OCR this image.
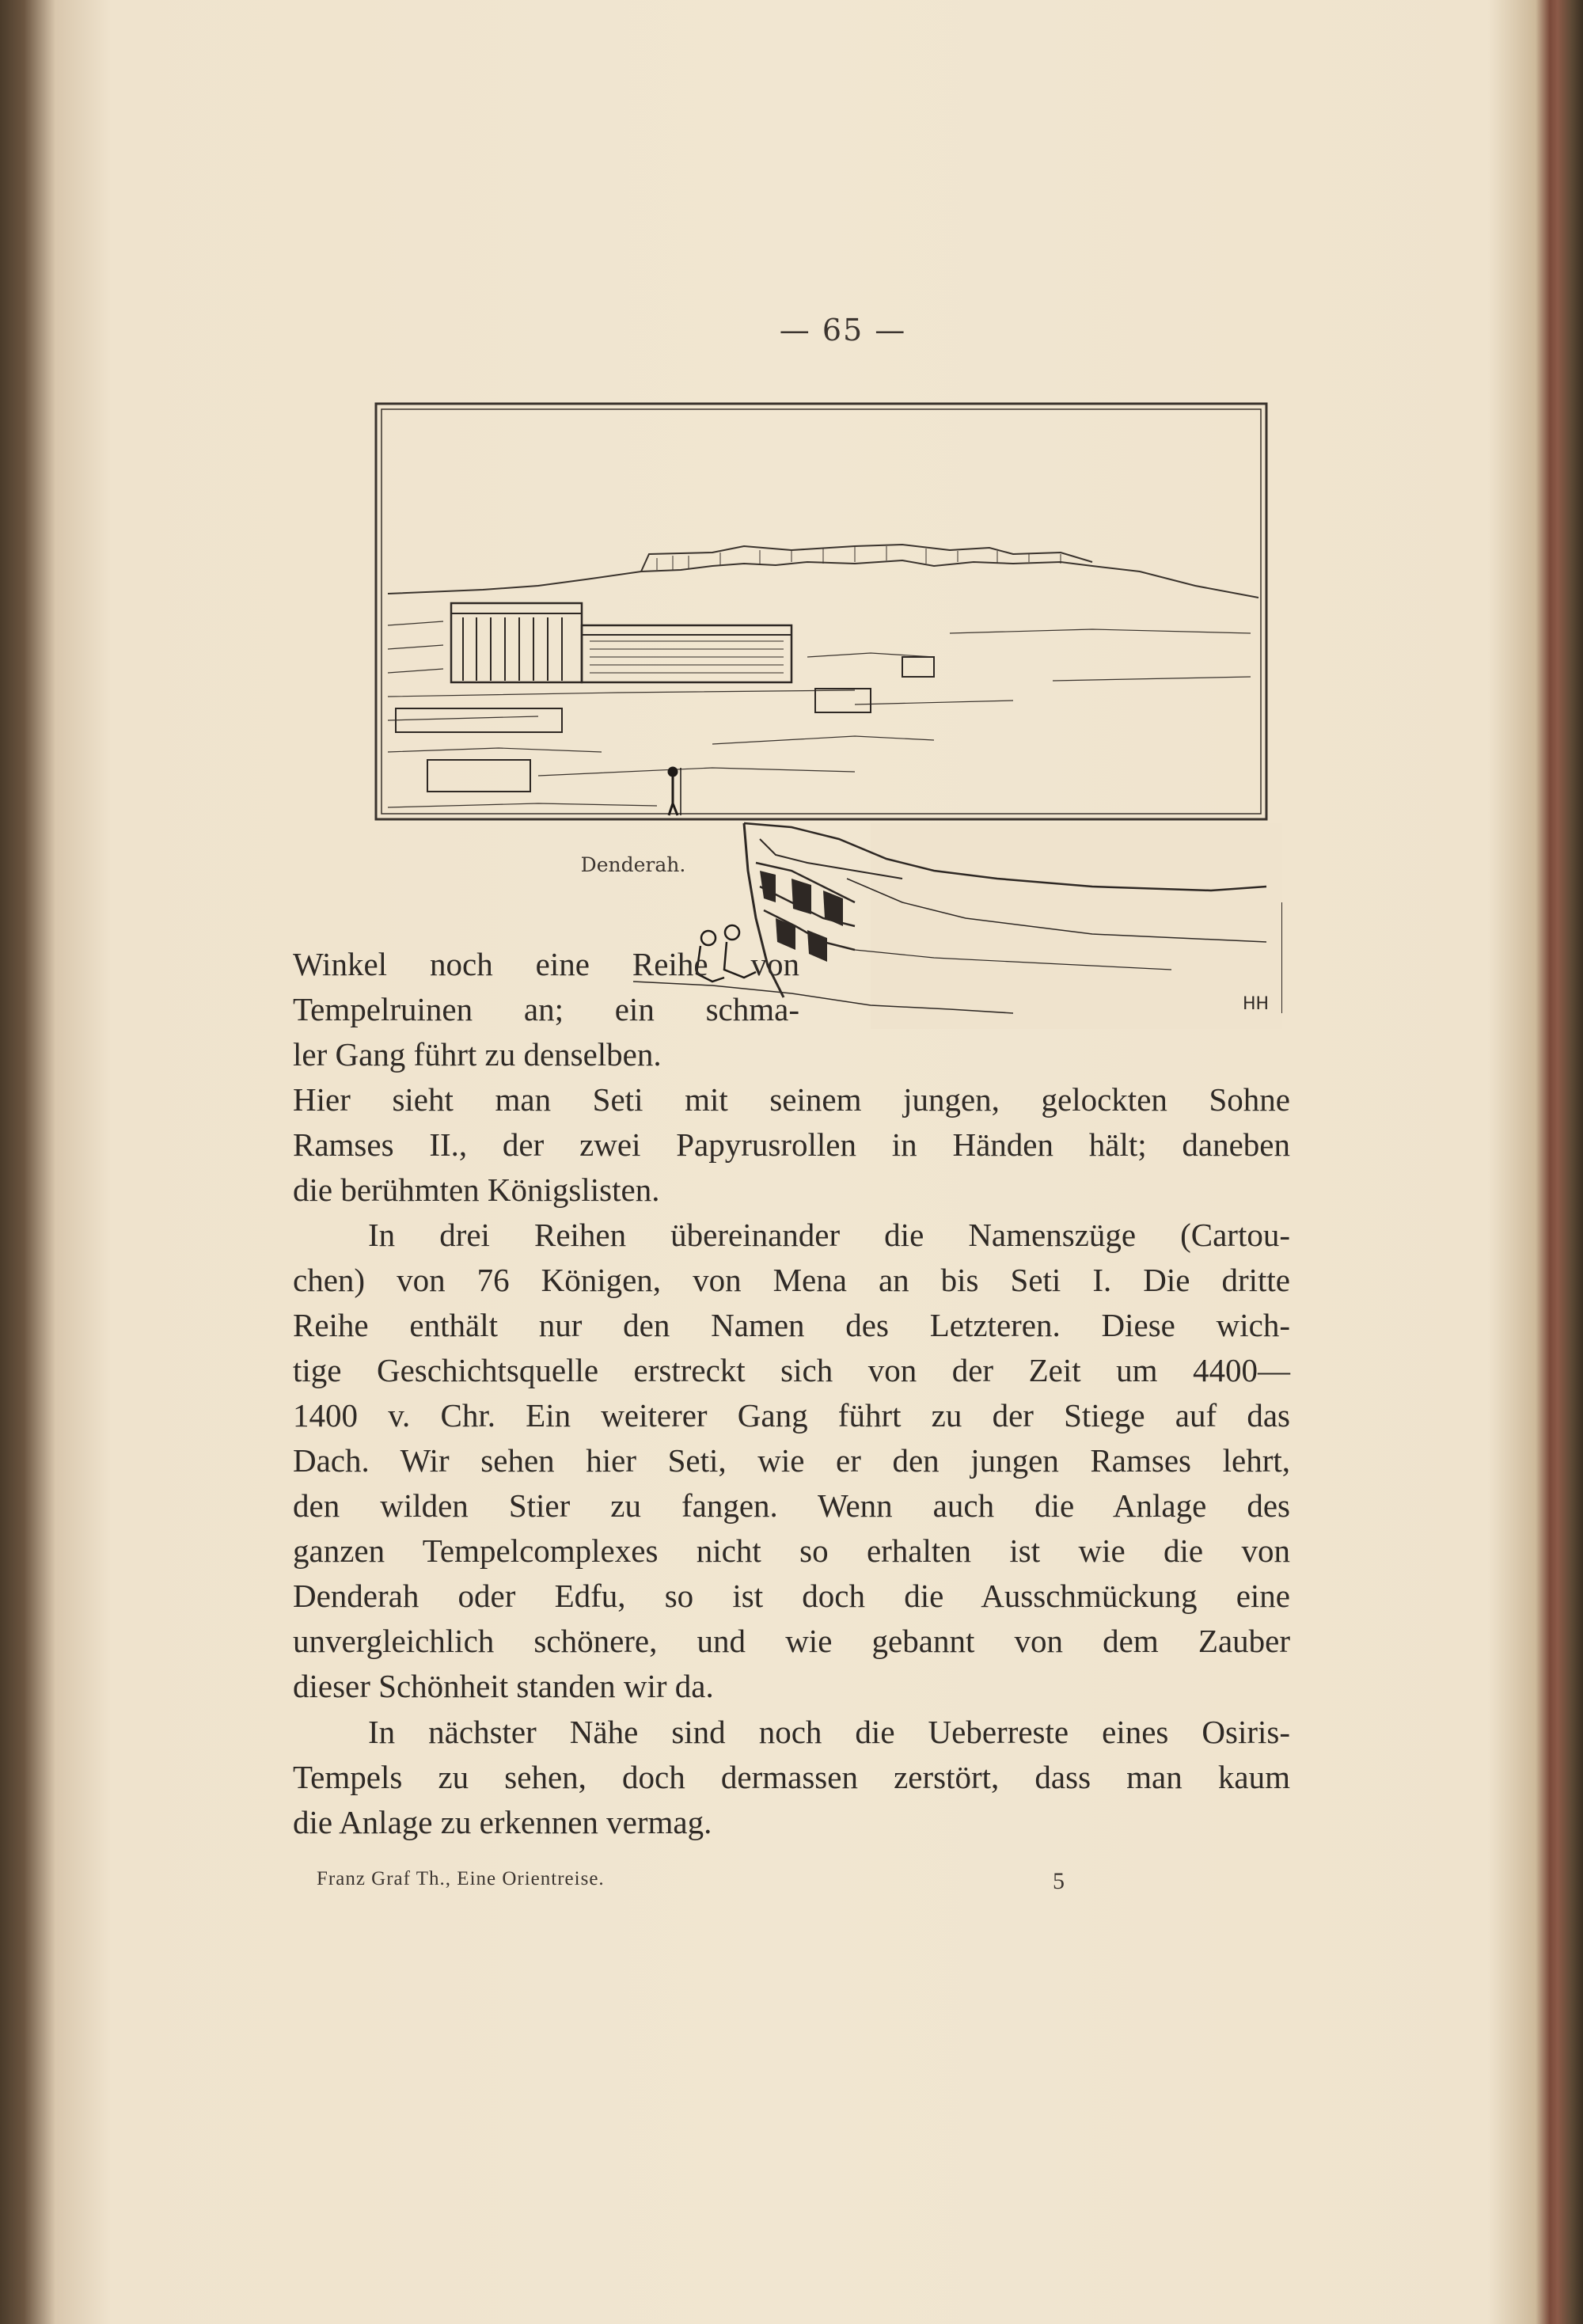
— 65 —
HH
Denderah.
Winkel noch eine Reihe von
Tempelruinen an; ein schma-
ler Gang führt zu denselben.
Hier sieht man Seti mit seinem jungen, gelockten Sohne
Ramses II., der zwei Papyrusrollen in Händen hält; daneben
die berühmten Königslisten.
In drei Reihen übereinander die Namenszüge (Cartou-
chen) von 76 Königen, von Mena an bis Seti I. Die dritte
Reihe enthält nur den Namen des Letzteren. Diese wich-
tige Geschichtsquelle erstreckt sich von der Zeit um 4400—
1400 v. Chr. Ein weiterer Gang führt zu der Stiege auf das
Dach. Wir sehen hier Seti, wie er den jungen Ramses lehrt,
den wilden Stier zu fangen. Wenn auch die Anlage des
ganzen Tempelcomplexes nicht so erhalten ist wie die von
Denderah oder Edfu, so ist doch die Ausschmückung eine
unvergleichlich schönere, und wie gebannt von dem Zauber
dieser Schönheit standen wir da.
In nächster Nähe sind noch die Ueberreste eines Osiris-
Tempels zu sehen, doch dermassen zerstört, dass man kaum
die Anlage zu erkennen vermag.
Franz Graf Th., Eine Orientreise.	5
